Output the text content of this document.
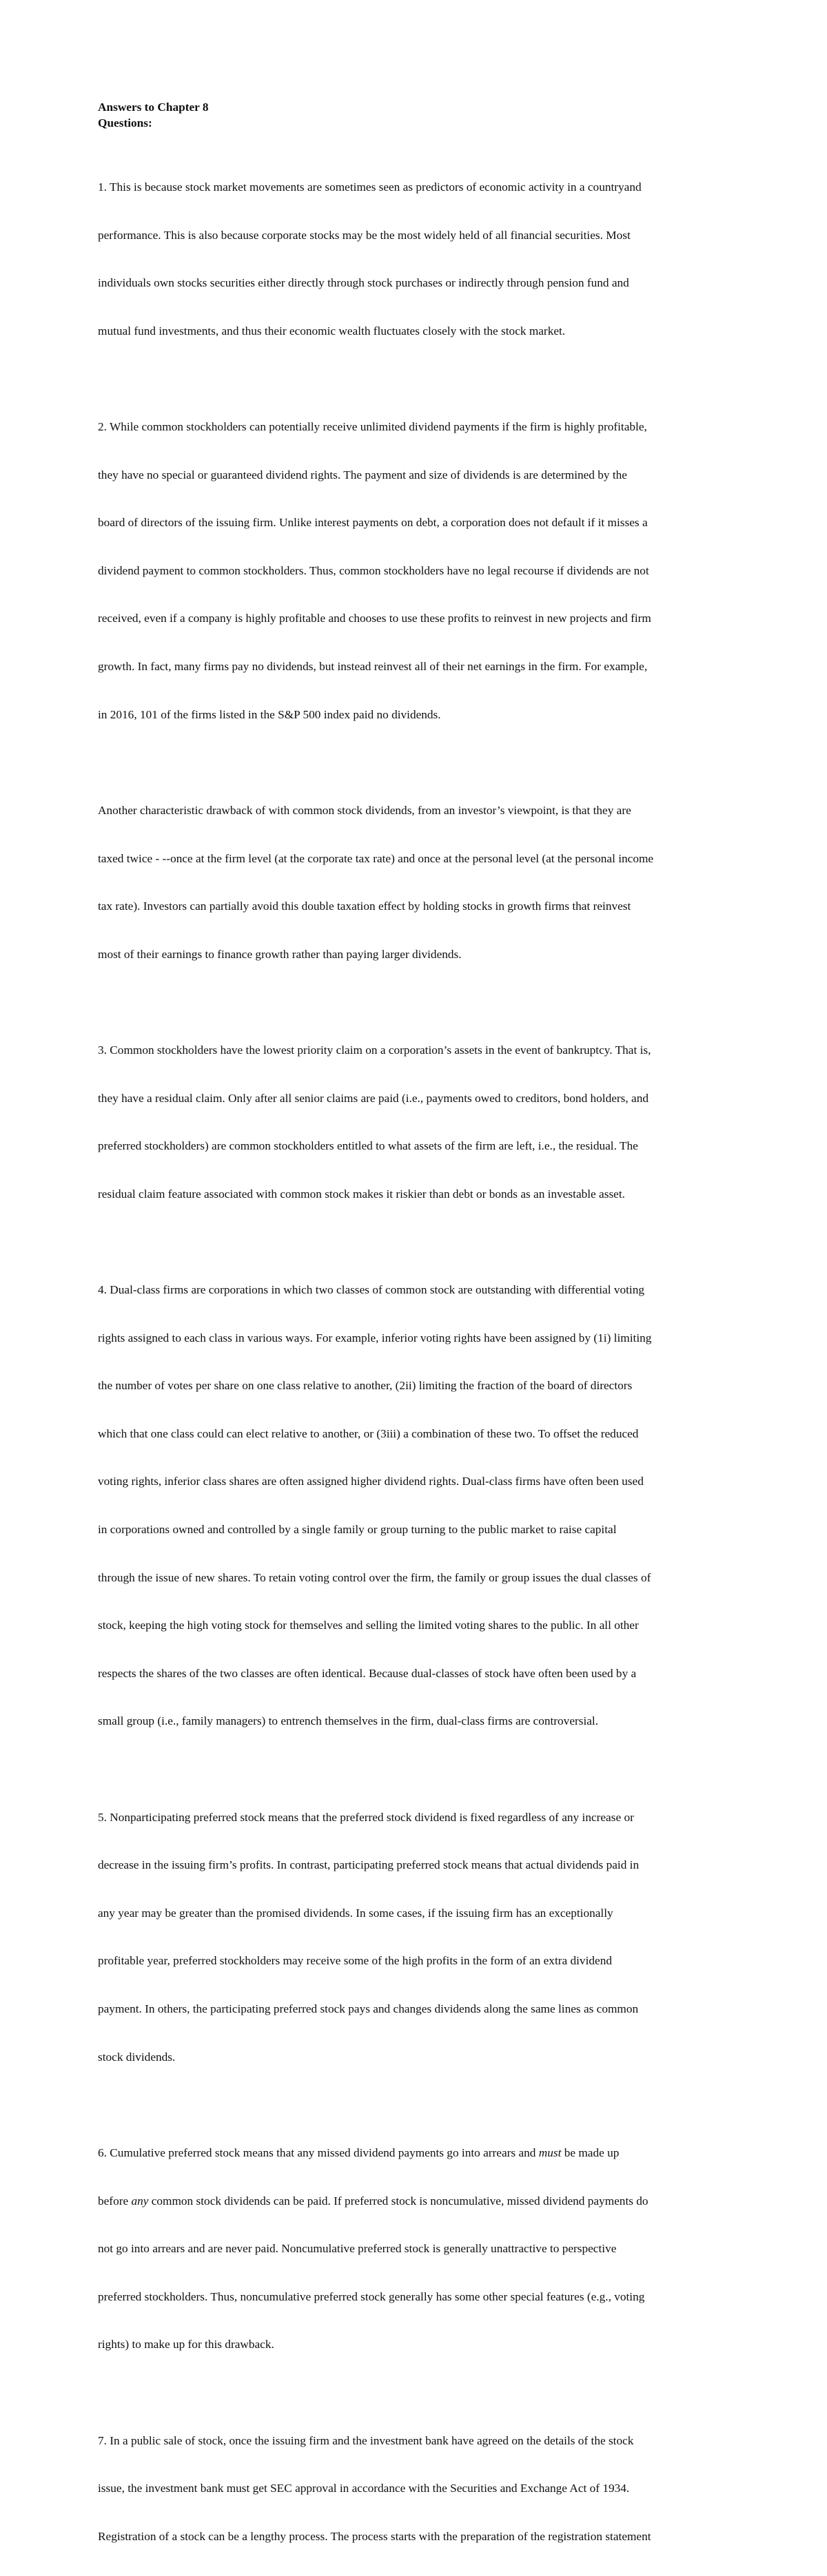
Answers to Chapter 8
Questions:

1. This is because stock market movements are sometimes seen as predictors of economic activity in a countryand

performance. This is also because corporate stocks may be the most widely held of all financial securities. Most

individuals own stocks securities either directly through stock purchases or indirectly through pension fund and

mutual fund investments, and thus their economic wealth fluctuates closely with the stock market.

2. While common stockholders can potentially receive unlimited dividend payments if the firm is highly profitable,

they have no special or guaranteed dividend rights. The payment and size of dividends is are determined by the

board of directors of the issuing firm. Unlike interest payments on debt, a corporation does not default if it misses a

dividend payment to common stockholders. Thus, common stockholders have no legal recourse if dividends are not

received, even if a company is highly profitable and chooses to use these profits to reinvest in new projects and firm

growth. In fact, many firms pay no dividends, but instead reinvest all of their net earnings in the firm. For example,

in 2016, 101 of the firms listed in the S&P 500 index paid no dividends.

Another characteristic drawback of with common stock dividends, from an investor’s viewpoint, is that they are

taxed twice - --once at the firm level (at the corporate tax rate) and once at the personal level (at the personal income

tax rate). Investors can partially avoid this double taxation effect by holding stocks in growth firms that reinvest

most of their earnings to finance growth rather than paying larger dividends.

3. Common stockholders have the lowest priority claim on a corporation’s assets in the event of bankruptcy. That is,

they have a residual claim. Only after all senior claims are paid (i.e., payments owed to creditors, bond holders, and

preferred stockholders) are common stockholders entitled to what assets of the firm are left, i.e., the residual. The

residual claim feature associated with common stock makes it riskier than debt or bonds as an investable asset.

4. Dual-class firms are corporations in which two classes of common stock are outstanding with differential voting

rights assigned to each class in various ways. For example, inferior voting rights have been assigned by (1i) limiting

the number of votes per share on one class relative to another, (2ii) limiting the fraction of the board of directors

which that one class could can elect relative to another, or (3iii) a combination of these two. To offset the reduced

voting rights, inferior class shares are often assigned higher dividend rights. Dual-class firms have often been used

in corporations owned and controlled by a single family or group turning to the public market to raise capital

through the issue of new shares. To retain voting control over the firm, the family or group issues the dual classes of

stock, keeping the high voting stock for themselves and selling the limited voting shares to the public. In all other

respects the shares of the two classes are often identical. Because dual-classes of stock have often been used by a

small group (i.e., family managers) to entrench themselves in the firm, dual-class firms are controversial.

5. Nonparticipating preferred stock means that the preferred stock dividend is fixed regardless of any increase or

decrease in the issuing firm’s profits. In contrast, participating preferred stock means that actual dividends paid in

any year may be greater than the promised dividends. In some cases, if the issuing firm has an exceptionally

profitable year, preferred stockholders may receive some of the high profits in the form of an extra dividend

payment. In others, the participating preferred stock pays and changes dividends along the same lines as common

stock dividends.

6. Cumulative preferred stock means that any missed dividend payments go into arrears and must be made up

before any common stock dividends can be paid. If preferred stock is noncumulative, missed dividend payments do

not go into arrears and are never paid. Noncumulative preferred stock is generally unattractive to perspective

preferred stockholders. Thus, noncumulative preferred stock generally has some other special features (e.g., voting

rights) to make up for this drawback.

7. In a public sale of stock, once the issuing firm and the investment bank have agreed on the details of the stock

issue, the investment bank must get SEC approval in accordance with the Securities and Exchange Act of 1934.

Registration of a stock can be a lengthy process. The process starts with the preparation of the registration statement
